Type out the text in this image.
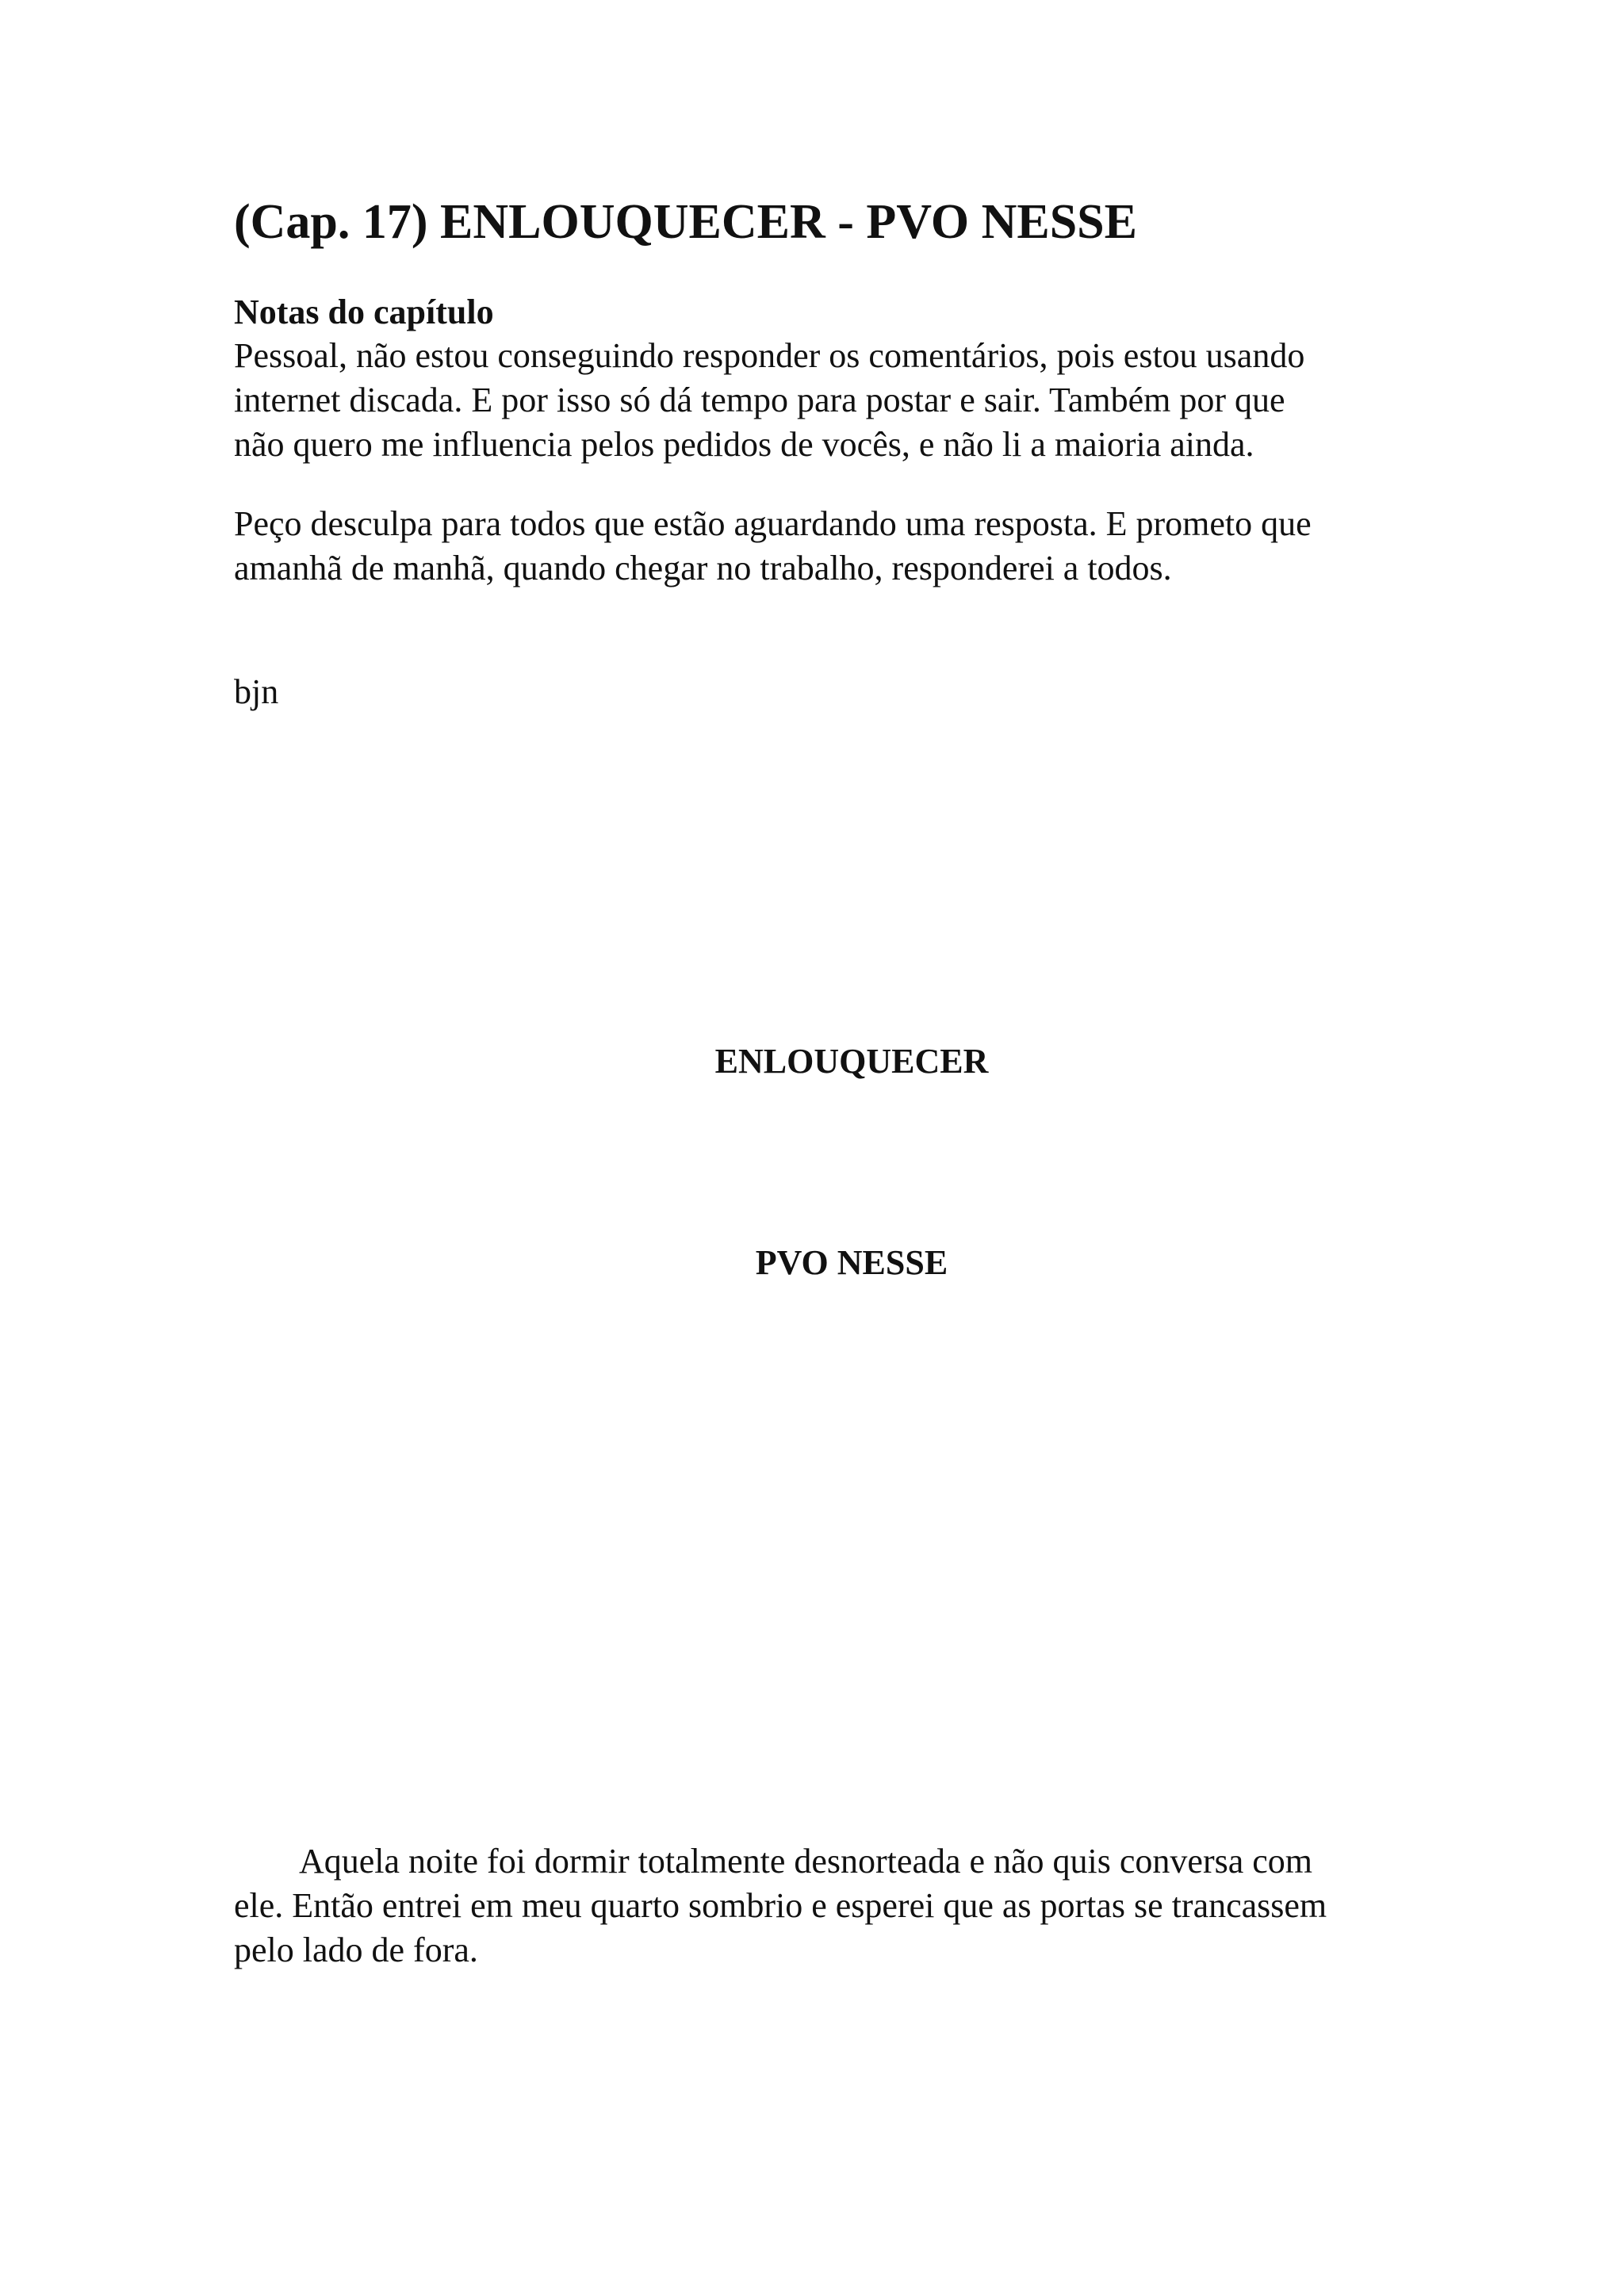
(Cap. 17) ENLOUQUECER - PVO NESSE
Notas do capítulo

Pessoal, não estou conseguindo responder os comentários, pois estou usando
internet discada. E por isso só dá tempo para postar e sair. Também por que
não quero me influencia pelos pedidos de vocês, e não li a maioria ainda.

Peço desculpa para todos que estão aguardando uma resposta. E prometo que
amanhã de manhã, quando chegar no trabalho, responderei a todos.

bjn

ENLOUQUECER
PVO NESSE

Aquela noite foi dormir totalmente desnorteada e não quis conversa com
ele. Então entrei em meu quarto sombrio e esperei que as portas se trancassem
pelo lado de fora.
